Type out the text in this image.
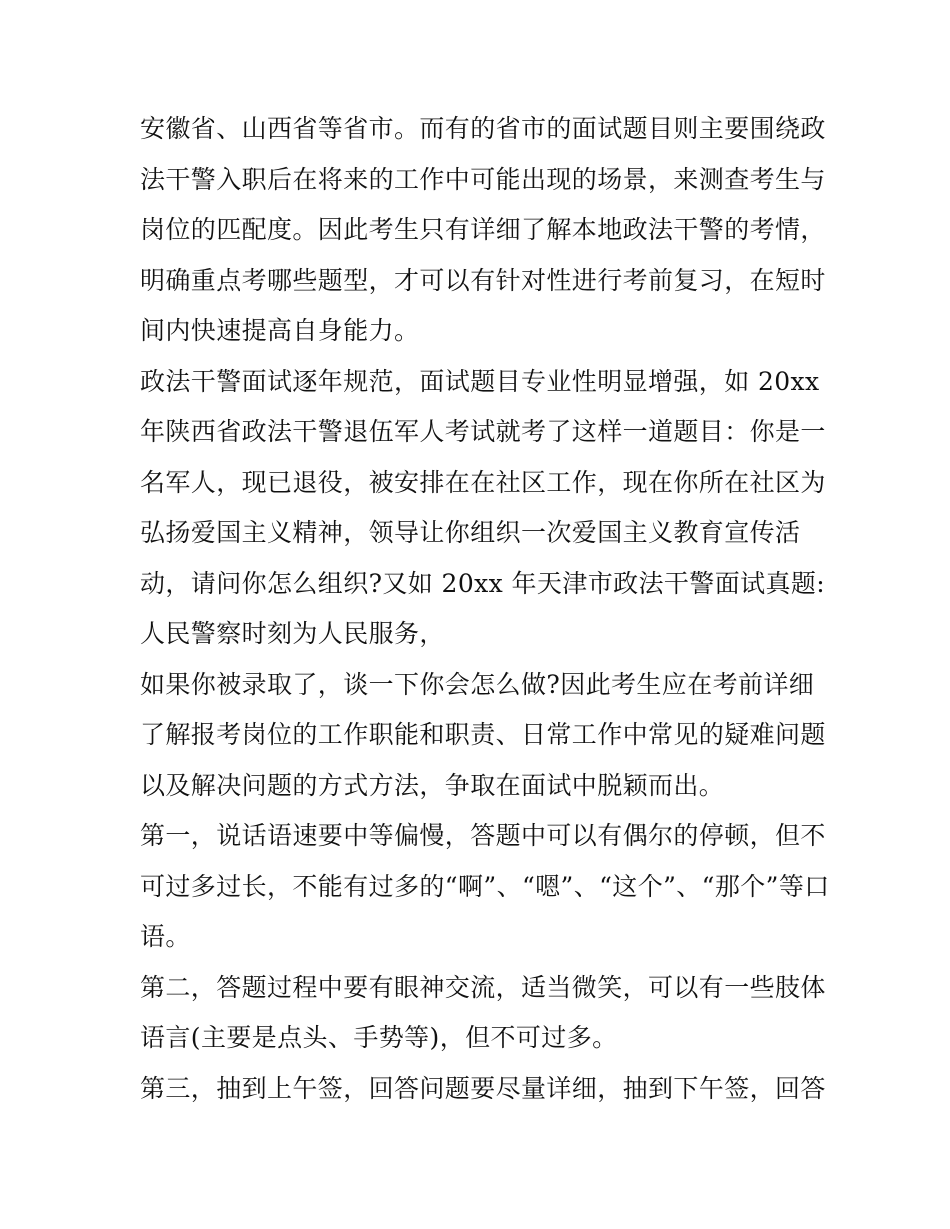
安徽省、山西省等省市。而有的省市的面试题目则主要围绕政
法干警入职后在将来的工作中可能出现的场景，来测查考生与
岗位的匹配度。因此考生只有详细了解本地政法干警的考情，
明确重点考哪些题型，才可以有针对性进行考前复习，在短时
间内快速提高自身能力。
政法干警面试逐年规范，面试题目专业性明显增强，如 20xx
年陕西省政法干警退伍军人考试就考了这样一道题目：你是一
名军人，现已退役，被安排在在社区工作，现在你所在社区为
弘扬爱国主义精神，领导让你组织一次爱国主义教育宣传活
动，请问你怎么组织?又如 20xx 年天津市政法干警面试真题:
人民警察时刻为人民服务，
如果你被录取了，谈一下你会怎么做?因此考生应在考前详细
了解报考岗位的工作职能和职责、日常工作中常见的疑难问题
以及解决问题的方式方法，争取在面试中脱颖而出。
第一，说话语速要中等偏慢，答题中可以有偶尔的停顿，但不
可过多过长，不能有过多的“啊”、“嗯”、“这个”、“那个”等口
语。
第二，答题过程中要有眼神交流，适当微笑，可以有一些肢体
语言(主要是点头、手势等)，但不可过多。
第三，抽到上午签，回答问题要尽量详细，抽到下午签，回答
